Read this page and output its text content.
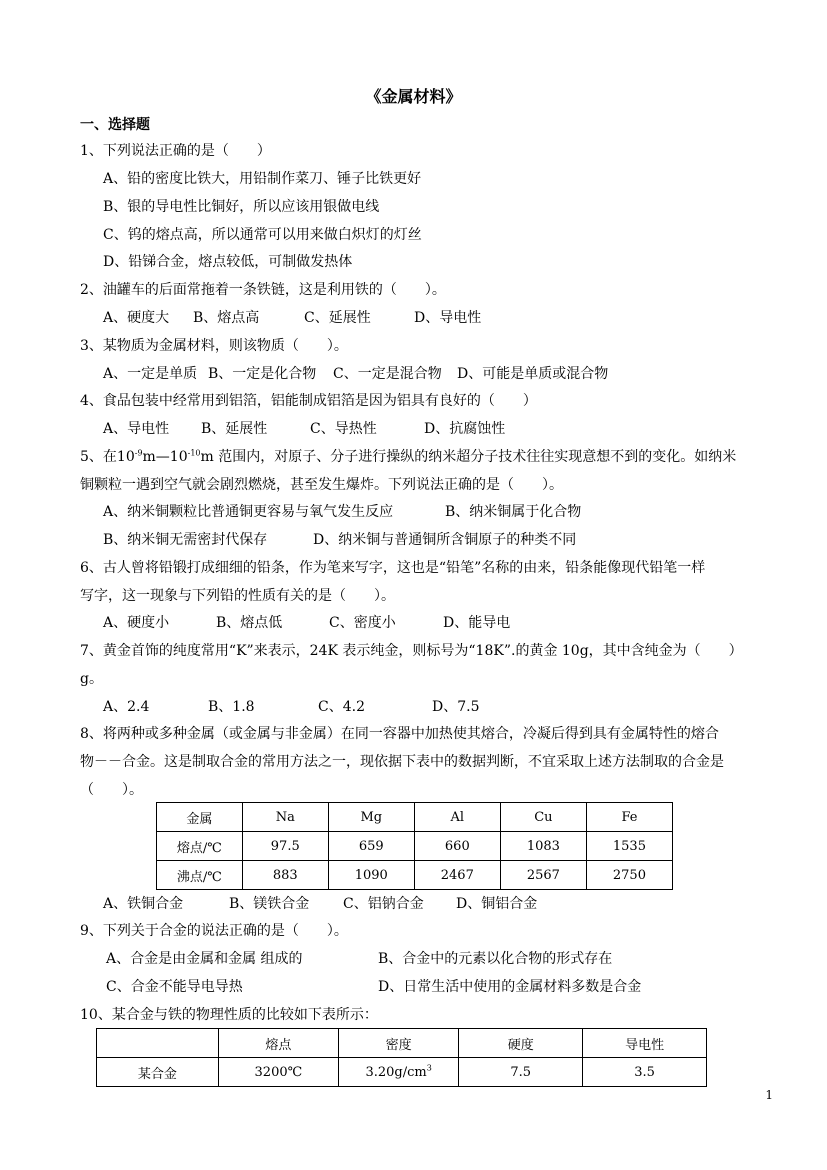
《金属材料》
一、选择题
1、下列说法正确的是（　　）
A、铅的密度比铁大，用铅制作菜刀、锤子比铁更好
B、银的导电性比铜好，所以应该用银做电线
C、钨的熔点高，所以通常可以用来做白炽灯的灯丝
D、铅锑合金，熔点较低，可制做发热体
2、油罐车的后面常拖着一条铁链，这是利用铁的（　　）。
A、硬度大 B、熔点高	C、延展性	D、导电性
3、某物质为金属材料，则该物质（　　）。
A、一定是单质 B、一定是化合物 C、一定是混合物 D、可能是单质或混合物
4、食品包装中经常用到铝箔，铝能制成铝箔是因为铝具有良好的（　　）
A、导电性 B、延展性	C、导热性	D、抗腐蚀性
5、在$10^{-9}m—10^{-10}m$ 范围内，对原子、分子进行操纵的纳米超分子技术往往实现意想不到的变化。如纳米
铜颗粒一遇到空气就会剧烈燃烧，甚至发生爆炸。下列说法正确的是（　　）。
A、纳米铜颗粒比普通铜更容易与氧气发生反应	B、纳米铜属于化合物
B、纳米铜无需密封代保存	D、纳米铜与普通铜所含铜原子的种类不同
6、古人曾将铅锻打成细细的铅条，作为笔来写字，这也是“铅笔”名称的由来，铅条能像现代铅笔一样
写字，这一现象与下列铅的性质有关的是（　　）。
A、硬度小	B、熔点低	C、密度小	D、能导电
7、黄金首饰的纯度常用“K”来表示，24K 表示纯金，则标号为“18K”.的黄金 10g，其中含纯金为（　　）
g。
A、2.4	B、1.8	C、4.2	D、7.5
8、将两种或多种金属（或金属与非金属）在同一容器中加热使其熔合，冷凝后得到具有金属特性的熔合
物－－合金。这是制取合金的常用方法之一，现依据下表中的数据判断，不宜采取上述方法制取的合金是
（　　）。
金属	Na	Mg	Al	Cu	Fe
熔点/℃	97.5	659	660	1083	1535
沸点/℃	883	1090	2467	2567	2750
A、铁铜合金	B、镁铁合金 C、铝钠合金 D、铜铝合金
9、下列关于合金的说法正确的是（　　）。
A、合金是由金属和金属 组成的	B、合金中的元素以化合物的形式存在
C、合金不能导电导热	D、日常生活中使用的金属材料多数是合金
10、某合金与铁的物理性质的比较如下表所示：
	熔点	密度	硬度	导电性
某合金	3200℃	$3.20g/cm^3$	7.5	3.5
1
